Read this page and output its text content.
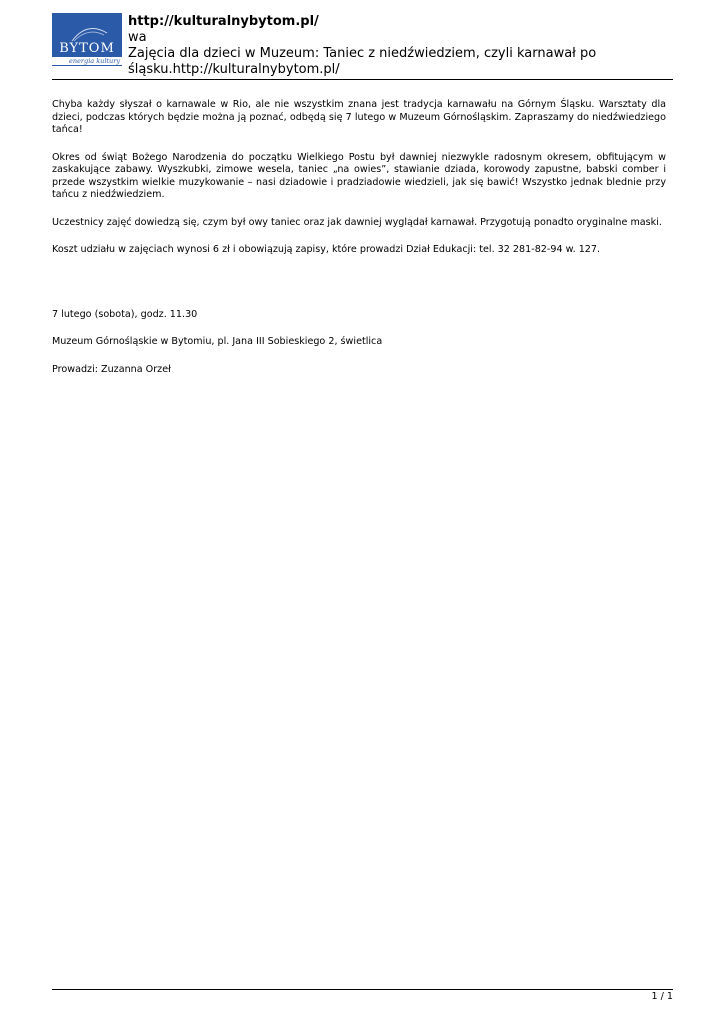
BYTOM
energia kultury
http://kulturalnybytom.pl/
wa
Zajęcia dla dzieci w Muzeum: Taniec z niedźwiedziem, czyli karnawał po śląsku.http://kulturalnybytom.pl/

Chyba każdy słyszał o karnawale w Rio, ale nie wszystkim znana jest tradycja karnawału na Górnym Śląsku. Warsztaty dla dzieci, podczas których będzie można ją poznać, odbędą się 7 lutego w Muzeum Górnośląskim. Zapraszamy do niedźwiedziego tańca!

Okres od świąt Bożego Narodzenia do początku Wielkiego Postu był dawniej niezwykle radosnym okresem, obfitującym w zaskakujące zabawy. Wyszkubki, zimowe wesela, taniec „na owies”, stawianie dziada, korowody zapustne, babski comber i przede wszystkim wielkie muzykowanie – nasi dziadowie i pradziadowie wiedzieli, jak się bawić! Wszystko jednak blednie przy tańcu z niedźwiedziem.

Uczestnicy zajęć dowiedzą się, czym był owy taniec oraz jak dawniej wyglądał karnawał. Przygotują ponadto oryginalne maski.

Koszt udziału w zajęciach wynosi 6 zł i obowiązują zapisy, które prowadzi Dział Edukacji: tel. 32 281-82-94 w. 127.

7 lutego (sobota), godz. 11.30

Muzeum Górnośląskie w Bytomiu, pl. Jana III Sobieskiego 2, świetlica

Prowadzi: Zuzanna Orzeł

1 / 1
